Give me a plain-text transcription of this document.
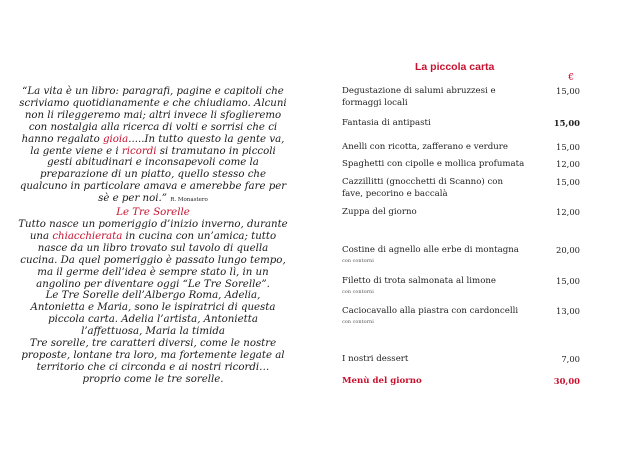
“La vita è un libro: paragrafi, pagine e capitoli che scriviamo quotidianamente e che chiudiamo. Alcuni non li rileggeremo mai; altri invece li sfoglieremo con nostalgia alla ricerca di volti e sorrisi che ci hanno regalato gioia.....In tutto questo la gente va, la gente viene e i ricordi si tramutano in piccoli gesti abitudinari e inconsapevoli come la preparazione di un piatto, quello stesso che qualcuno in particolare amava e amerebbe fare per sè e per noi.” R. Monastero

Le Tre Sorelle

Tutto nasce un pomeriggio d’inizio inverno, durante una chiacchierata in cucina con un’amica; tutto nasce da un libro trovato sul tavolo di quella cucina. Da quel pomeriggio è passato lungo tempo, ma il germe dell’idea è sempre stato lì, in un angolino per diventare oggi “Le Tre Sorelle”.

Le Tre Sorelle dell’Albergo Roma, Adelia, Antonietta e Maria, sono le ispiratrici di questa piccola carta. Adelia l’artista, Antonietta l’affettuosa, Maria la timida

Tre sorelle, tre caratteri diversi, come le nostre proposte, lontane tra loro, ma fortemente legate al territorio che ci circonda e ai nostri ricordi… proprio come le tre sorelle.

La piccola carta
€
Degustazione di salumi abruzzesi e formaggi locali
15,00
Fantasia di antipasti	15,00
Anelli con ricotta, zafferano e verdure	15,00
Spaghetti con cipolle e mollica profumata	12,00
Cazzillitti (gnocchetti di Scanno) con fave, pecorino e baccalà
15,00
Zuppa del giorno	12,00
Costine di agnello alle erbe di montagna
con contorni
20,00
Filetto di trota salmonata al limone
con contorni
15,00
Caciocavallo alla piastra con cardoncelli
con contorni
13,00
I nostri dessert	7,00
Menù del giorno	30,00
